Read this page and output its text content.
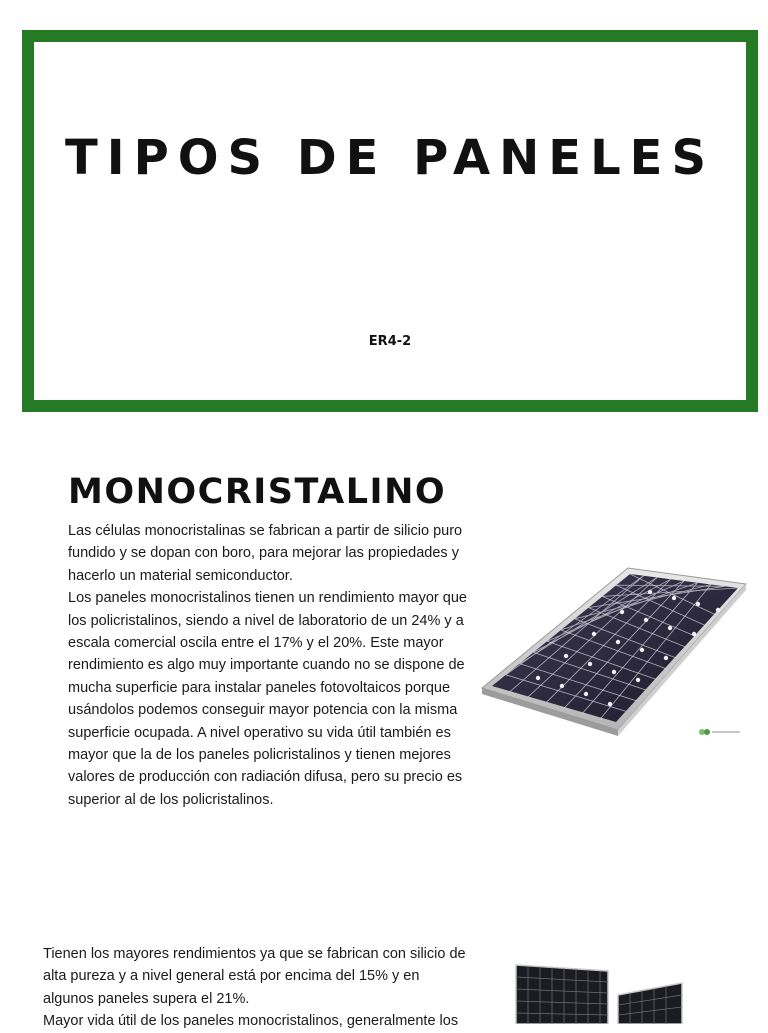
TIPOS DE PANELES
ER4-2
MONOCRISTALINO

Las células monocristalinas se fabrican a partir de silicio puro fundido y se dopan con boro, para mejorar las propiedades y hacerlo un material semiconductor.

Los paneles monocristalinos tienen un rendimiento mayor que los policristalinos, siendo a nivel de laboratorio de un 24% y a escala comercial oscila entre el 17% y el 20%. Este mayor rendimiento es algo muy importante cuando no se dispone de mucha superficie para instalar paneles fotovoltaicos porque usándolos podemos conseguir mayor potencia con la misma superficie ocupada. A nivel operativo su vida útil también es mayor que la de los paneles policristalinos y tienen mejores valores de producción con radiación difusa, pero su precio es superior al de los policristalinos.

Tienen los mayores rendimientos ya que se fabrican con silicio de alta pureza y a nivel general está por encima del 15% y en algunos paneles supera el 21%.

Mayor vida útil de los paneles monocristalinos, generalmente los
